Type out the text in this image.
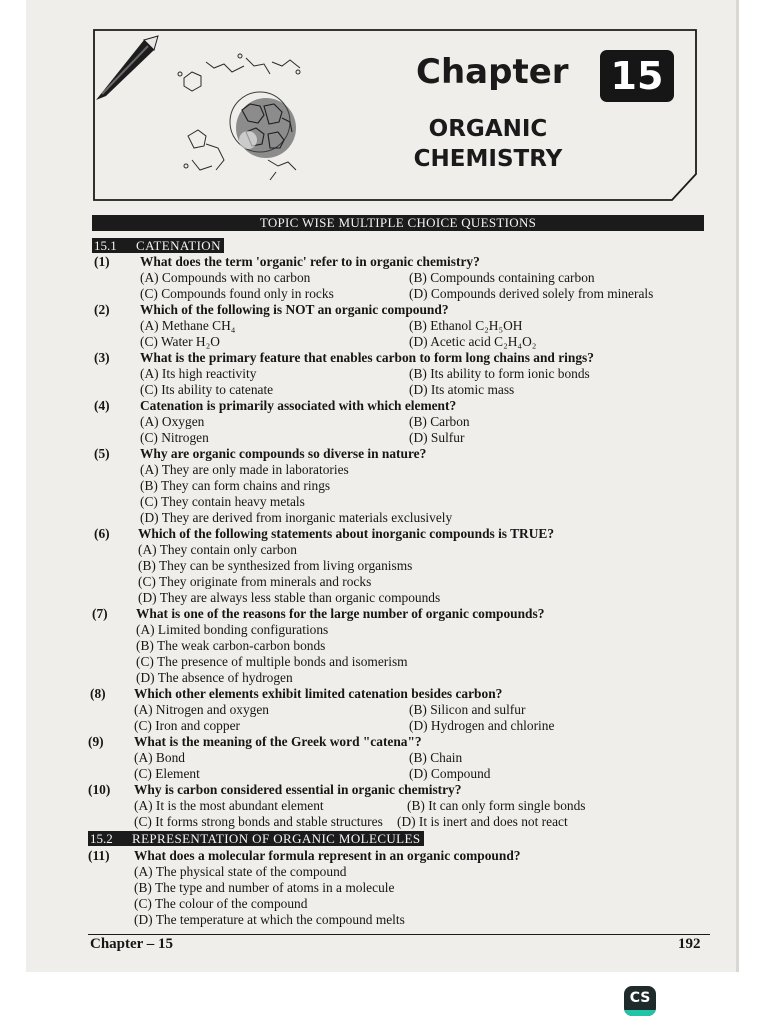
Chapter 15
ORGANIC
CHEMISTRY
TOPIC WISE MULTIPLE CHOICE QUESTIONS
15.1 CATENATION
(1) What does the term 'organic' refer to in organic chemistry?
(A) Compounds with no carbon	(B) Compounds containing carbon
(C) Compounds found only in rocks	(D) Compounds derived solely from minerals
(2) Which of the following is NOT an organic compound?
(A) Methane CH₄	(B) Ethanol C₂H₅OH
(C) Water H₂O	(D) Acetic acid C₂H₄O₂
(3) What is the primary feature that enables carbon to form long chains and rings?
(A) Its high reactivity	(B) Its ability to form ionic bonds
(C) Its ability to catenate	(D) Its atomic mass
(4) Catenation is primarily associated with which element?
(A) Oxygen	(B) Carbon
(C) Nitrogen	(D) Sulfur
(5) Why are organic compounds so diverse in nature?
(A) They are only made in laboratories
(B) They can form chains and rings
(C) They contain heavy metals
(D) They are derived from inorganic materials exclusively
(6) Which of the following statements about inorganic compounds is TRUE?
(A) They contain only carbon
(B) They can be synthesized from living organisms
(C) They originate from minerals and rocks
(D) They are always less stable than organic compounds
(7) What is one of the reasons for the large number of organic compounds?
(A) Limited bonding configurations
(B) The weak carbon-carbon bonds
(C) The presence of multiple bonds and isomerism
(D) The absence of hydrogen
(8) Which other elements exhibit limited catenation besides carbon?
(A) Nitrogen and oxygen	(B) Silicon and sulfur
(C) Iron and copper	(D) Hydrogen and chlorine
(9) What is the meaning of the Greek word "catena"?
(A) Bond	(B) Chain
(C) Element	(D) Compound
(10) Why is carbon considered essential in organic chemistry?
(A) It is the most abundant element	(B) It can only form single bonds
(C) It forms strong bonds and stable structures (D) It is inert and does not react
15.2 REPRESENTATION OF ORGANIC MOLECULES
(11) What does a molecular formula represent in an organic compound?
(A) The physical state of the compound
(B) The type and number of atoms in a molecule
(C) The colour of the compound
(D) The temperature at which the compound melts
Chapter – 15	192
CS
